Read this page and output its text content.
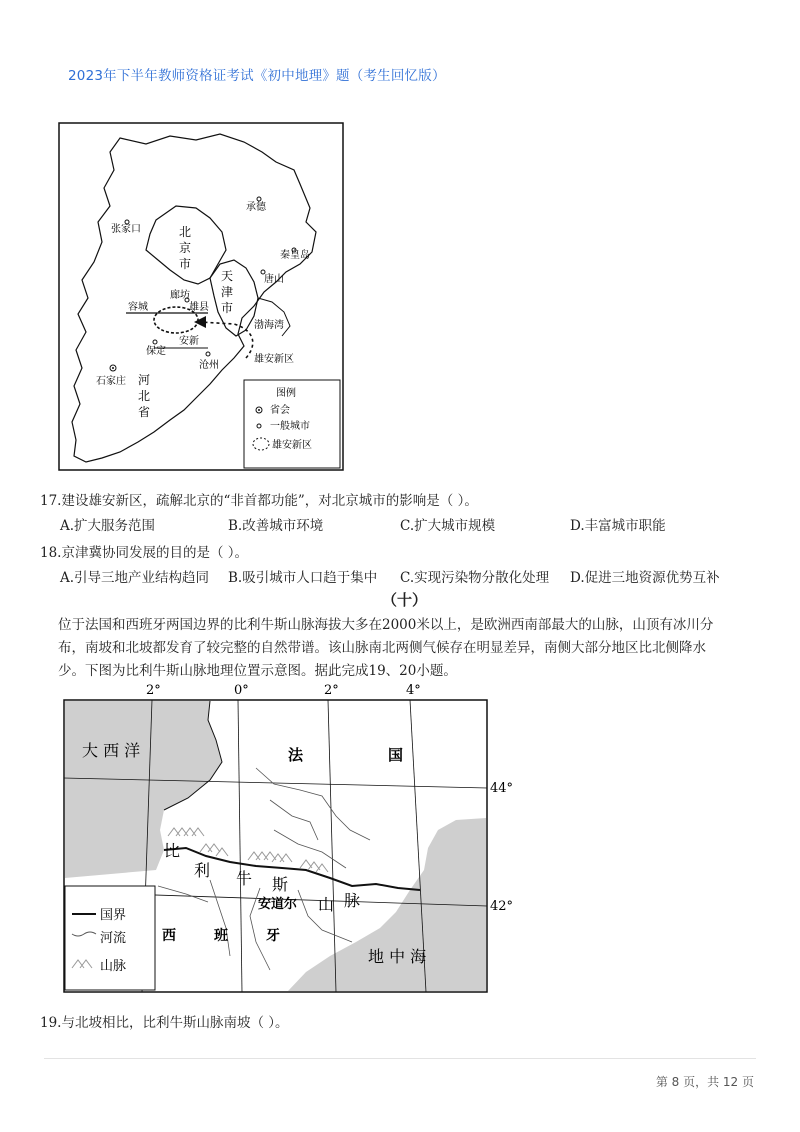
2023年下半年教师资格证考试《初中地理》题（考生回忆版）
承德
张家口	北
京
市
天
津
市
秦皇岛
唐山
廊坊
容城	雄县
渤海湾
安新
保定
雄安新区
沧州
石家庄 河
北
省
图例
省会
一般城市
雄安新区
17.建设雄安新区，疏解北京的“非首都功能”，对北京城市的影响是（ ）。
A.扩大服务范围	B.改善城市环境	C.扩大城市规模	D.丰富城市职能
18.京津冀协同发展的目的是（ ）。
A.引导三地产业结构趋同 B.吸引城市人口趋于集中 C.实现污染物分散化处理 D.促进三地资源优势互补
（十）
位于法国和西班牙两国边界的比利牛斯山脉海拔大多在2000米以上，是欧洲西南部最大的山脉，山顶有冰川分
布，南坡和北坡都发育了较完整的自然带谱。该山脉南北两侧气候存在明显差异，南侧大部分地区比北侧降水
少。下图为比利牛斯山脉地理位置示意图。据此完成19、20小题。
2°	0°	2°	4°
大 西 洋	法	国
比
利 牛 斯
山 脉
安道尔
西	班	牙
地 中 海
44°
42°
国界
河流
山脉
19.与北坡相比，比利牛斯山脉南坡（ ）。
第 8 页，共 12 页
